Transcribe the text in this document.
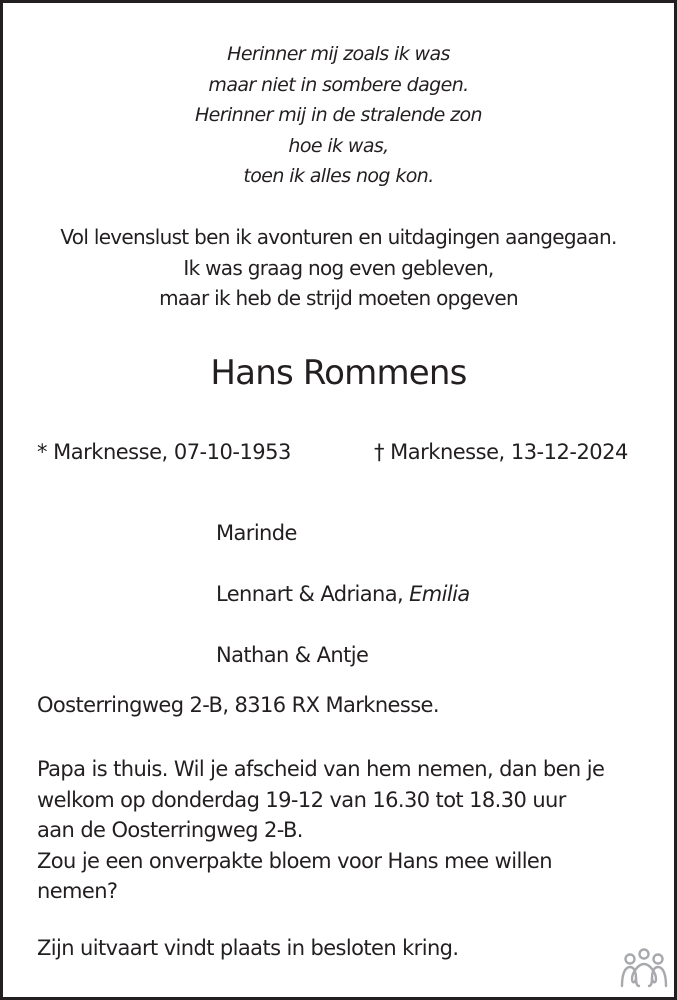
Herinner mij zoals ik was
maar niet in sombere dagen.
Herinner mij in de stralende zon
hoe ik was,
toen ik alles nog kon.
Vol levenslust ben ik avonturen en uitdagingen aangegaan.
Ik was graag nog even gebleven,
maar ik heb de strijd moeten opgeven
Hans Rommens
* Marknesse, 07-10-1953	† Marknesse, 13-12-2024
Marinde
Lennart & Adriana, Emilia
Nathan & Antje
Oosterringweg 2-B, 8316 RX Marknesse.
Papa is thuis. Wil je afscheid van hem nemen, dan ben je
welkom op donderdag 19-12 van 16.30 tot 18.30 uur
aan de Oosterringweg 2-B.
Zou je een onverpakte bloem voor Hans mee willen
nemen?
Zijn uitvaart vindt plaats in besloten kring.
